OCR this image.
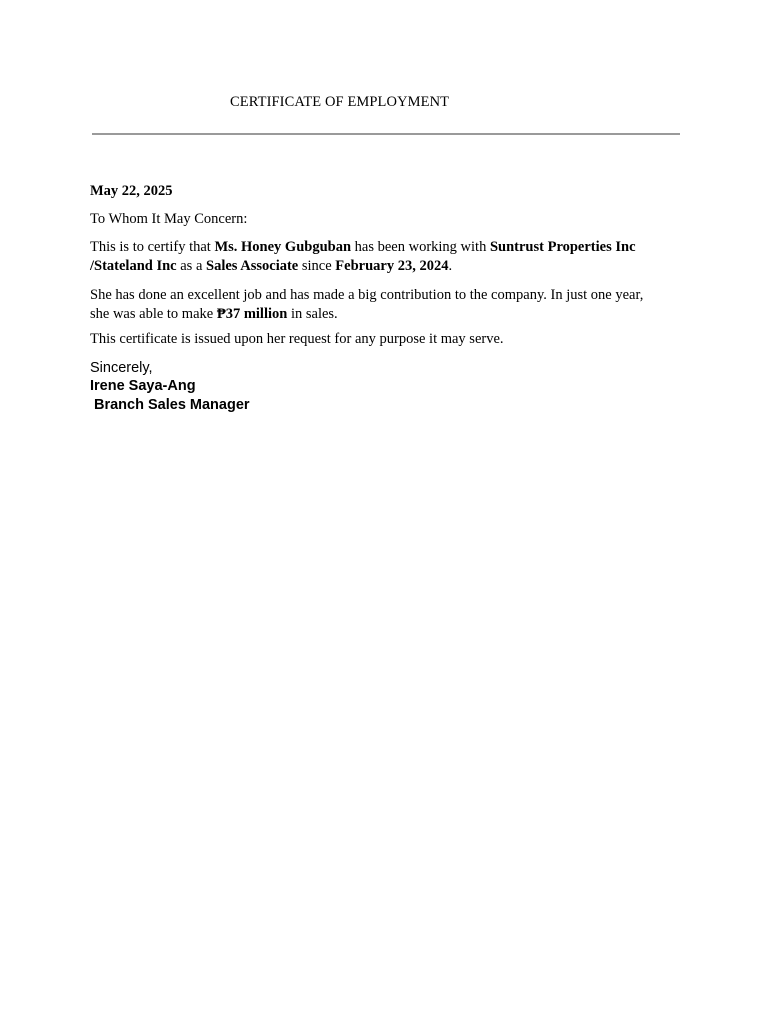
CERTIFICATE OF EMPLOYMENT
May 22, 2025
To Whom It May Concern:
This is to certify that Ms. Honey Gubguban has been working with Suntrust Properties Inc
/Stateland Inc as a Sales Associate since February 23, 2024.
She has done an excellent job and has made a big contribution to the company. In just one year,
she was able to make ₱37 million in sales.
This certificate is issued upon her request for any purpose it may serve.
Sincerely,
Irene Saya-Ang
Branch Sales Manager
